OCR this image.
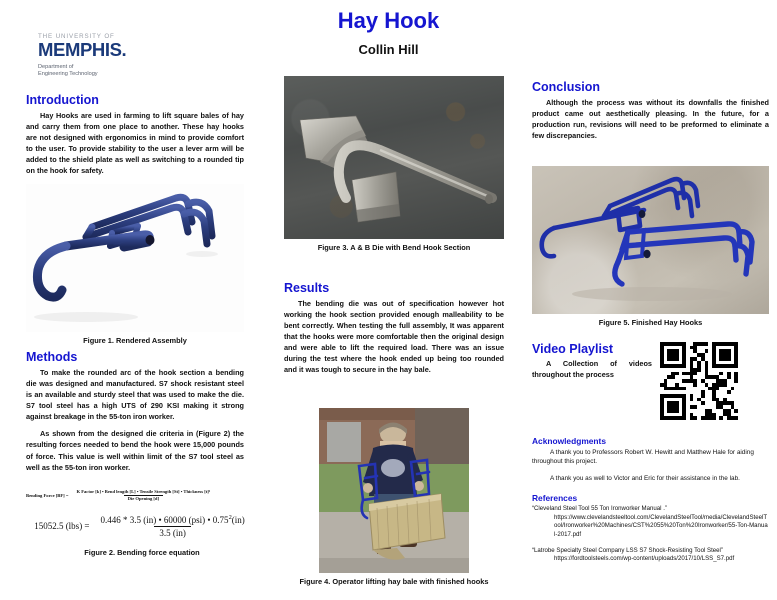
THE UNIVERSITY OF
MEMPHIS.
Department of
Engineering Technology
Hay Hook
Collin Hill
Introduction

Hay Hooks are used in farming to lift square bales of hay and carry them from one place to another. These hay hooks are not designed with ergonomics in mind to provide comfort to the user. To provide stability to the user a lever arm will be added to the shield plate as well as switching to a rounded tip on the hook for safety.

Figure 1. Rendered Assembly
Methods

To make the rounded arc of the hook section a bending die was designed and manufactured. S7 shock resistant steel is an available and sturdy steel that was used to make the die. S7 tool steel has a high UTS of 290 KSI making it strong against breakage in the 55-ton iron worker.

As shown from the designed die criteria in (Figure 2) the resulting forces needed to bend the hook were 15,000 pounds of force. This value is well within limit of the S7 tool steel as well as the 55-ton iron worker.

Bending Force [BF] =
K Factor [k] • Bend length [L] • Tensile Strength [St] • Thickness [t]²
Die Opening [d]
15052.5 $(lbs) = \frac{0.446 * 3.5 (in) • 60000 (psi) • 0.75^2(in)}{3.5 (in)}$
Figure 2. Bending force equation
Figure 3. A & B Die with Bend Hook Section
Results

The bending die was out of specification however hot working the hook section provided enough malleability to be bent correctly. When testing the full assembly, It was apparent that the hooks were more comfortable then the original design and were able to lift the required load. There was an issue during the test where the hook ended up being too rounded and it was tough to secure in the hay bale.

Figure 4. Operator lifting hay bale with finished hooks
Conclusion

Although the process was without its downfalls the finished product came out aesthetically pleasing. In the future, for a production run, revisions will need to be preformed to eliminate a few discrepancies.

Figure 5. Finished Hay Hooks
Video Playlist

A Collection of videos throughout the process

Acknowledgments

A thank you to Professors Robert W. Hewitt and Matthew Hale for aiding throughout this project.

A thank you as well to Victor and Eric for their assistance in the lab.

References

“Cleveland Steel Tool 55 Ton Ironworker Manual .”
https://www.clevelandsteeltool.com/ClevelandSteelTool/media/ClevelandSteelTool/Ironworker%20Machines/CST%2055%20Ton%20Ironworker/55-Ton-Manual-2017.pdf

“Latrobe Specialty Steel Company LSS S7 Shock-Resisting Tool Steel”
https://fordtoolsteels.com/wp-content/uploads/2017/10/LSS_S7.pdf
